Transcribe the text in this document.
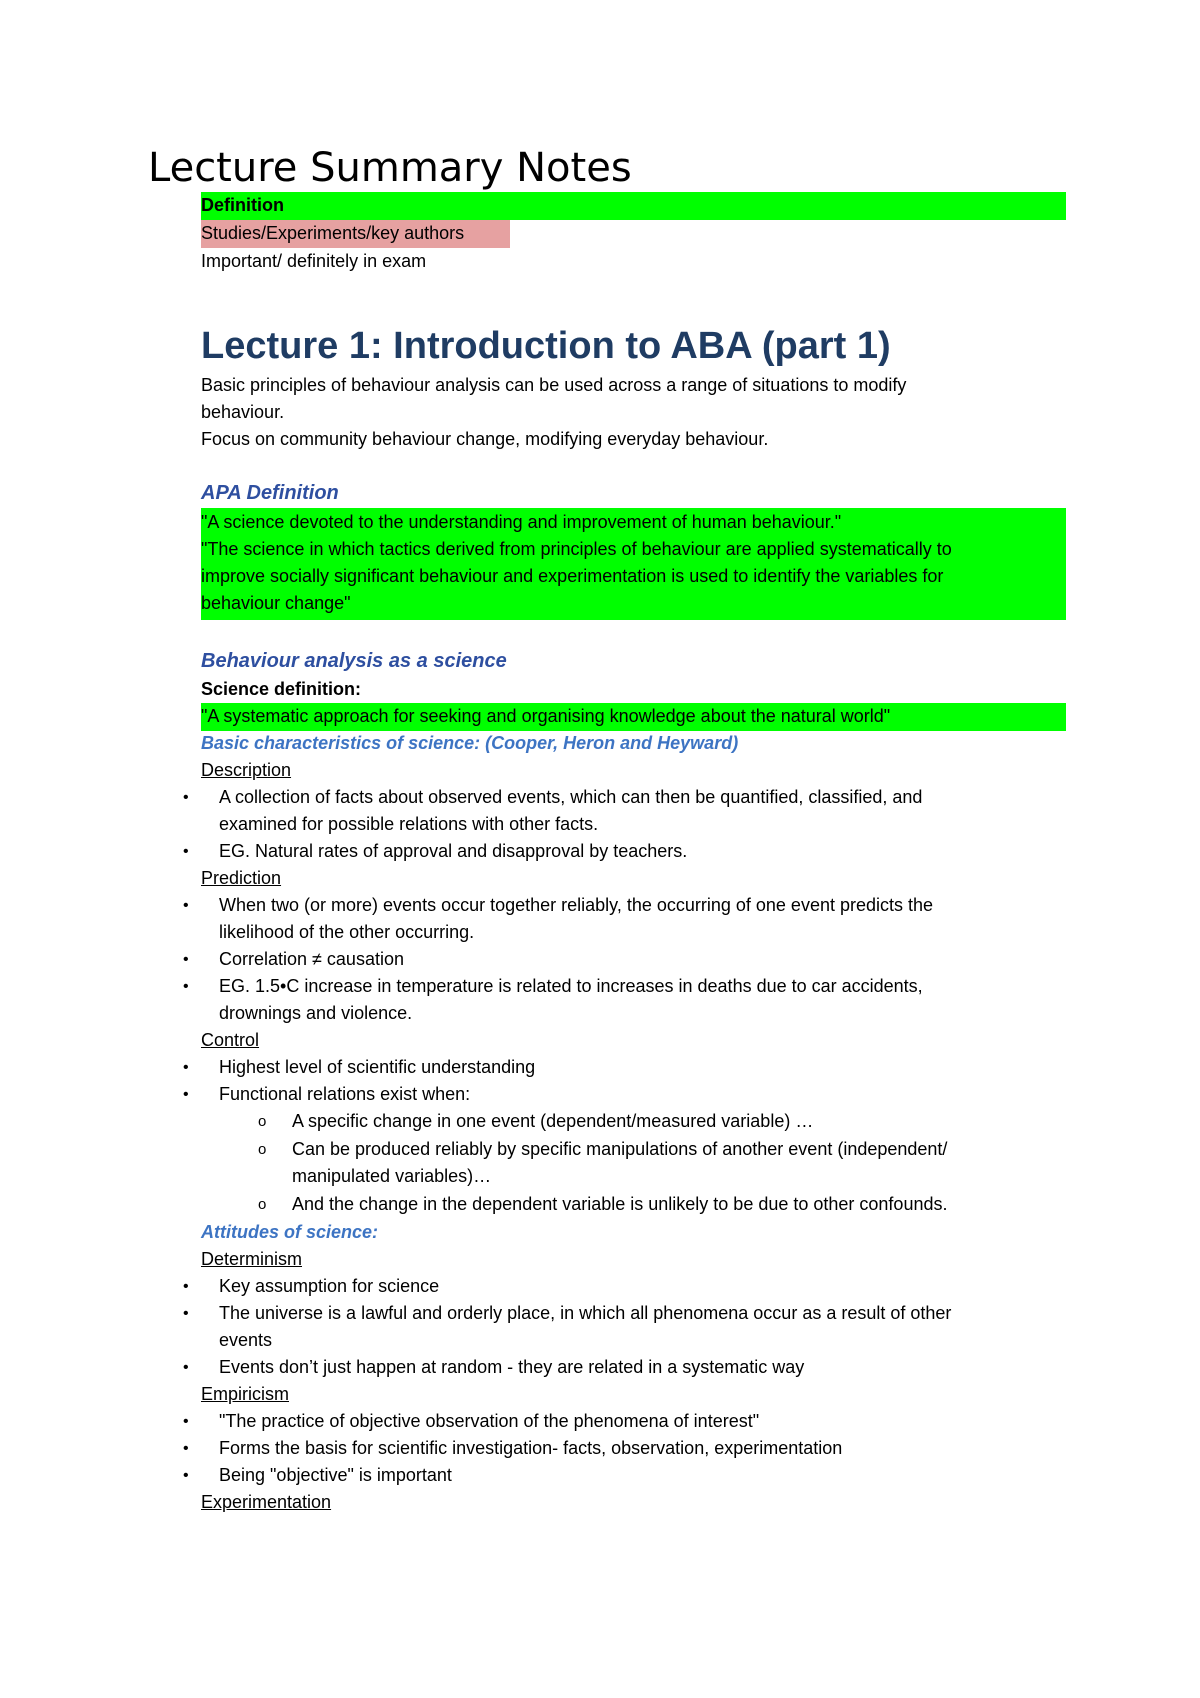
Lecture Summary Notes
Definition
Studies/Experiments/key authors
Important/ definitely in exam
Lecture 1: Introduction to ABA (part 1)
Basic principles of behaviour analysis can be used across a range of situations to modify
behaviour.
Focus on community behaviour change, modifying everyday behaviour.
APA Definition
"A science devoted to the understanding and improvement of human behaviour."
"The science in which tactics derived from principles of behaviour are applied systematically to
improve socially significant behaviour and experimentation is used to identify the variables for
behaviour change"
Behaviour analysis as a science
Science definition:
"A systematic approach for seeking and organising knowledge about the natural world"
Basic characteristics of science: (Cooper, Heron and Heyward)
Description
• A collection of facts about observed events, which can then be quantified, classified, and
examined for possible relations with other facts.
• EG. Natural rates of approval and disapproval by teachers.
Prediction
• When two (or more) events occur together reliably, the occurring of one event predicts the
likelihood of the other occurring.
• Correlation ≠ causation
• EG. 1.5•C increase in temperature is related to increases in deaths due to car accidents,
drownings and violence.
Control
• Highest level of scientific understanding
• Functional relations exist when:
o A specific change in one event (dependent/measured variable) …
o Can be produced reliably by specific manipulations of another event (independent/
manipulated variables)…
o And the change in the dependent variable is unlikely to be due to other confounds.
Attitudes of science:
Determinism
• Key assumption for science
• The universe is a lawful and orderly place, in which all phenomena occur as a result of other
events
• Events don’t just happen at random - they are related in a systematic way
Empiricism
• "The practice of objective observation of the phenomena of interest"
• Forms the basis for scientific investigation- facts, observation, experimentation
• Being "objective" is important
Experimentation
